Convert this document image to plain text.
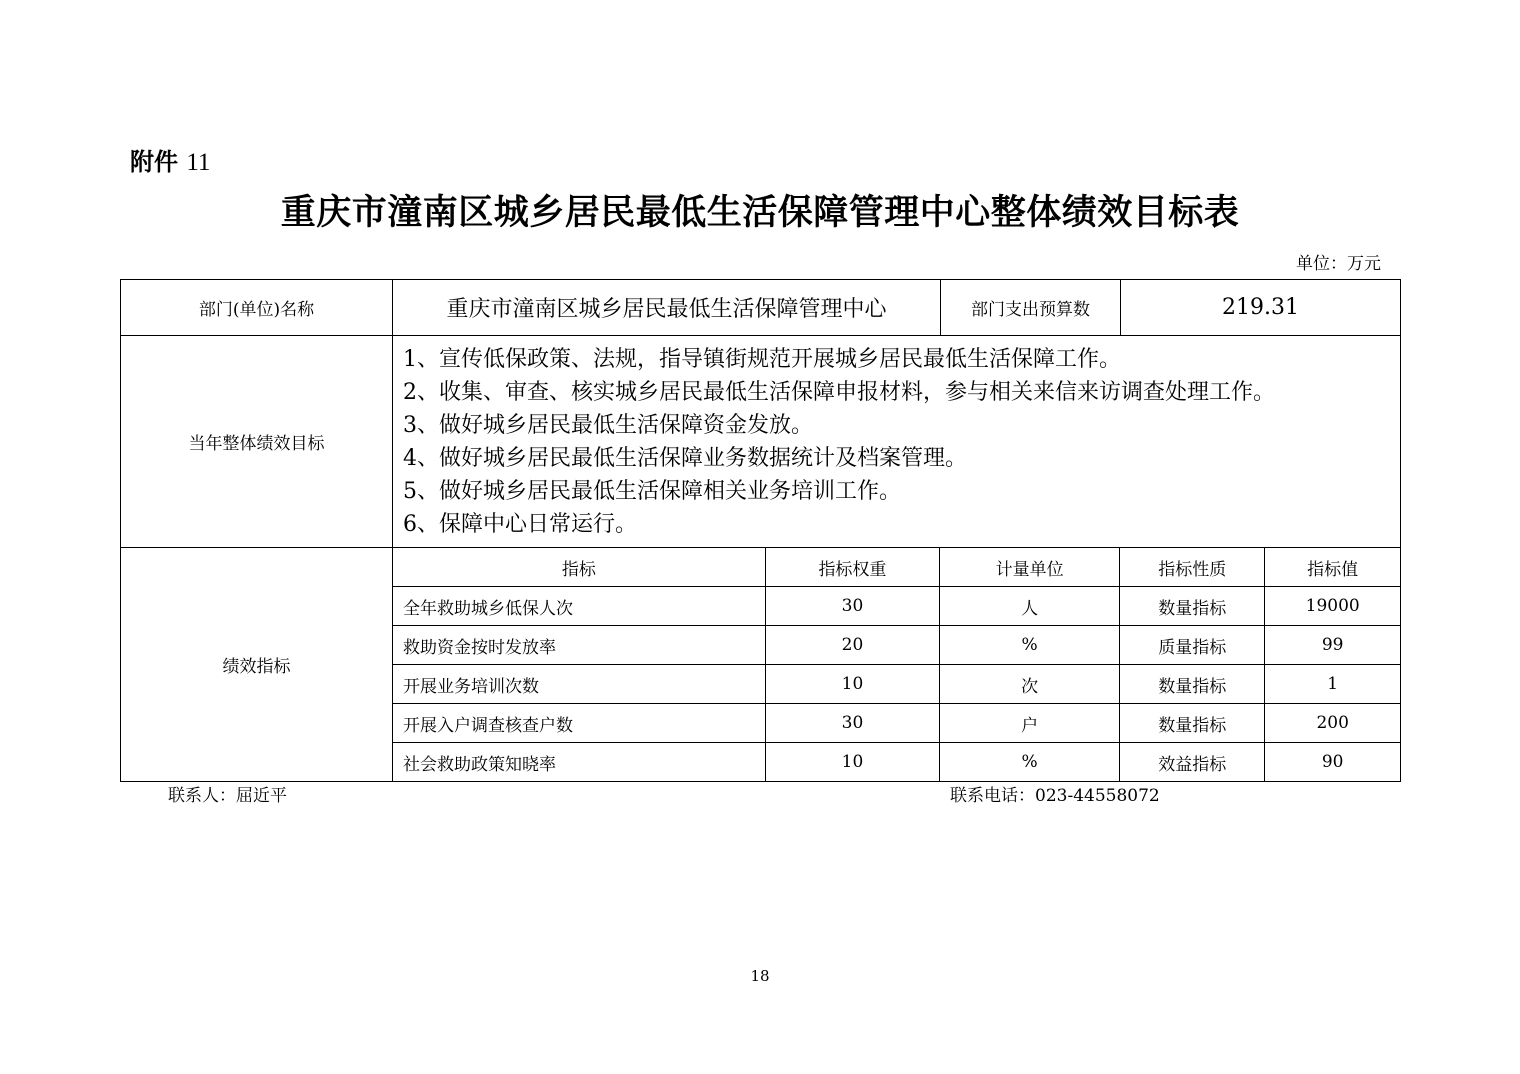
附件 11
重庆市潼南区城乡居民最低生活保障管理中心整体绩效目标表
单位：万元
部门(单位)名称	重庆市潼南区城乡居民最低生活保障管理中心	部门支出预算数	219.31
当年整体绩效目标	
1、宣传低保政策、法规，指导镇街规范开展城乡居民最低生活保障工作。
2、收集、审查、核实城乡居民最低生活保障申报材料，参与相关来信来访调查处理工作。
3、做好城乡居民最低生活保障资金发放。
4、做好城乡居民最低生活保障业务数据统计及档案管理。
5、做好城乡居民最低生活保障相关业务培训工作。
6、保障中心日常运行。

绩效指标	
指标	指标权重	计量单位	指标性质	指标值
全年救助城乡低保人次	30	人	数量指标	19000
救助资金按时发放率	20	%	质量指标	99
开展业务培训次数	10	次	数量指标	1
开展入户调查核查户数	30	户	数量指标	200
社会救助政策知晓率	10	%	效益指标	90
联系人：屈近平	联系电话：023-44558072
18
